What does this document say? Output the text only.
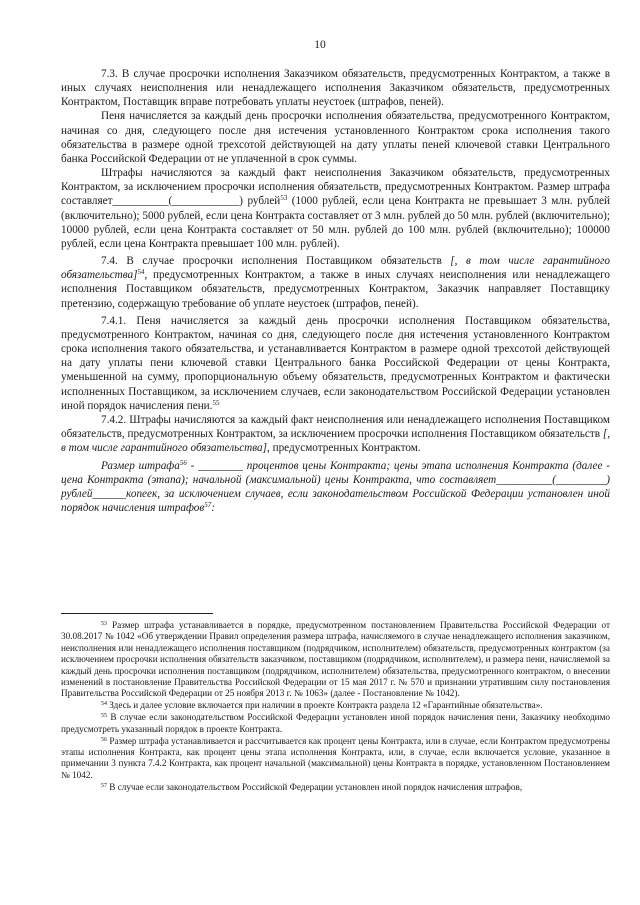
10

7.3. В случае просрочки исполнения Заказчиком обязательств, предусмотренных Контрактом, а также в иных случаях неисполнения или ненадлежащего исполнения Заказчиком обязательств, предусмотренных Контрактом, Поставщик вправе потребовать уплаты неустоек (штрафов, пеней).

Пеня начисляется за каждый день просрочки исполнения обязательства, предусмотренного Контрактом, начиная со дня, следующего после дня истечения установленного Контрактом срока исполнения такого обязательства в размере одной трехсотой действующей на дату уплаты пеней ключевой ставки Центрального банка Российской Федерации от не уплаченной в срок суммы.

Штрафы начисляются за каждый факт неисполнения Заказчиком обязательств, предусмотренных Контрактом, за исключением просрочки исполнения обязательств, предусмотренных Контрактом. Размер штрафа составляет__________(____________) рублей$^{53}$ (1000 рублей, если цена Контракта не превышает 3 млн. рублей (включительно); 5000 рублей, если цена Контракта составляет от 3 млн. рублей до 50 млн. рублей (включительно); 10000 рублей, если цена Контракта составляет от 50 млн. рублей до 100 млн. рублей (включительно); 100000 рублей, если цена Контракта превышает 100 млн. рублей).

7.4. В случае просрочки исполнения Поставщиком обязательств [, в том числе гарантийного обязательства]$^{54}$, предусмотренных Контрактом, а также в иных случаях неисполнения или ненадлежащего исполнения Поставщиком обязательств, предусмотренных Контрактом, Заказчик направляет Поставщику претензию, содержащую требование об уплате неустоек (штрафов, пеней).

7.4.1. Пеня начисляется за каждый день просрочки исполнения Поставщиком обязательства, предусмотренного Контрактом, начиная со дня, следующего после дня истечения установленного Контрактом срока исполнения такого обязательства, и устанавливается Контрактом в размере одной трехсотой действующей на дату уплаты пени ключевой ставки Центрального банка Российской Федерации от цены Контракта, уменьшенной на сумму, пропорциональную объему обязательств, предусмотренных Контрактом и фактически исполненных Поставщиком, за исключением случаев, если законодательством Российской Федерации установлен иной порядок начисления пени.$^{55}$

7.4.2. Штрафы начисляются за каждый факт неисполнения или ненадлежащего исполнения Поставщиком обязательств, предусмотренных Контрактом, за исключением просрочки исполнения Поставщиком обязательств [, в том числе гарантийного обязательства], предусмотренных Контрактом.

Размер штрафа$^{56}$ - ________ процентов цены Контракта; цены этапа исполнения Контракта (далее - цена Контракта (этапа); начальной (максимальной) цены Контракта, что составляет__________(_________) рублей______копеек, за исключением случаев, если законодательством Российской Федерации установлен иной порядок начисления штрафов$^{57}$:

$^{53}$ Размер штрафа устанавливается в порядке, предусмотренном постановлением Правительства Российской Федерации от 30.08.2017 № 1042 «Об утверждении Правил определения размера штрафа, начисляемого в случае ненадлежащего исполнения заказчиком, неисполнения или ненадлежащего исполнения поставщиком (подрядчиком, исполнителем) обязательств, предусмотренных контрактом (за исключением просрочки исполнения обязательств заказчиком, поставщиком (подрядчиком, исполнителем), и размера пени, начисляемой за каждый день просрочки исполнения поставщиком (подрядчиком, исполнителем) обязательства, предусмотренного контрактом, о внесении изменений в постановление Правительства Российской Федерации от 15 мая 2017 г. № 570 и признании утратившим силу постановления Правительства Российской Федерации от 25 ноября 2013 г. № 1063» (далее - Постановление № 1042).

$^{54}$ Здесь и далее условие включается при наличии в проекте Контракта раздела 12 «Гарантийные обязательства».

$^{55}$ В случае если законодательством Российской Федерации установлен иной порядок начисления пени, Заказчику необходимо предусмотреть указанный порядок в проекте Контракта.

$^{56}$ Размер штрафа устанавливается и рассчитывается как процент цены Контракта, или в случае, если Контрактом предусмотрены этапы исполнения Контракта, как процент цены этапа исполнения Контракта, или, в случае, если включается условие, указанное в примечании 3 пункта 7.4.2 Контракта, как процент начальной (максимальной) цены Контракта в порядке, установленном Постановлением № 1042.

$^{57}$ В случае если законодательством Российской Федерации установлен иной порядок начисления штрафов,
